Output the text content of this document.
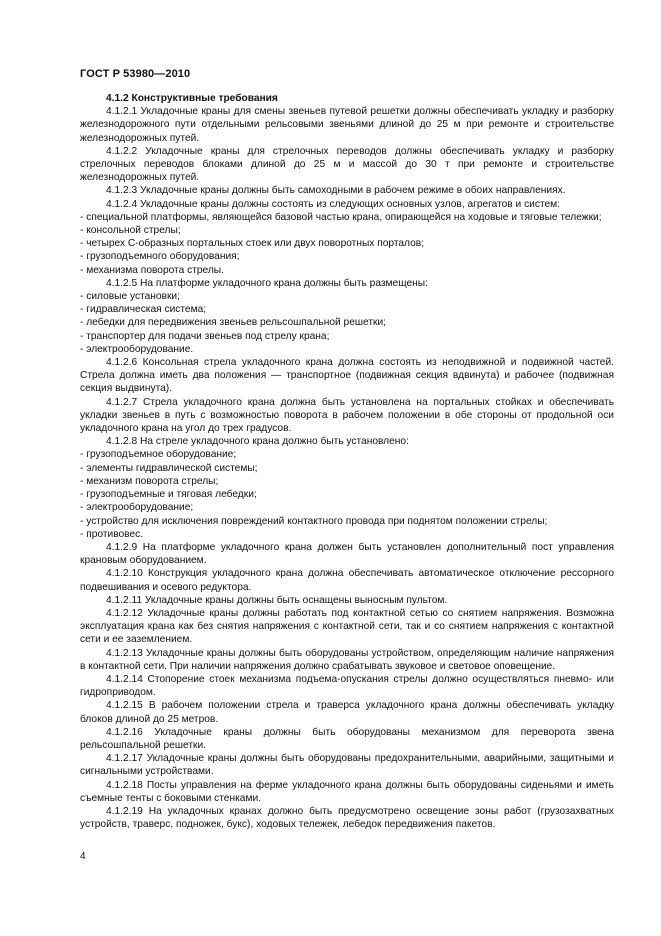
ГОСТ Р 53980—2010

4.1.2 Конструктивные требования

4.1.2.1 Укладочные краны для смены звеньев путевой решетки должны обеспечивать укладку и разборку железнодорожного пути отдельными рельсовыми звеньями длиной до 25 м при ремонте и строительстве железнодорожных путей.

4.1.2.2 Укладочные краны для стрелочных переводов должны обеспечивать укладку и разборку стрелочных переводов блоками длиной до 25 м и массой до 30 т при ремонте и строительстве железнодорожных путей.

4.1.2.3 Укладочные краны должны быть самоходными в рабочем режиме в обоих направлениях.

4.1.2.4 Укладочные краны должны состоять из следующих основных узлов, агрегатов и систем:

- специальной платформы, являющейся базовой частью крана, опирающейся на ходовые и тяговые тележки;

- консольной стрелы;

- четырех С-образных портальных стоек или двух поворотных порталов;

- грузоподъемного оборудования;

- механизма поворота стрелы.

4.1.2.5 На платформе укладочного крана должны быть размещены:

- силовые установки;

- гидравлическая система;

- лебедки для передвижения звеньев рельсошпальной решетки;

- транспортер для подачи звеньев под стрелу крана;

- электрооборудование.

4.1.2.6 Консольная стрела укладочного крана должна состоять из неподвижной и подвижной частей. Стрела должна иметь два положения — транспортное (подвижная секция вдвинута) и рабочее (подвижная секция выдвинута).

4.1.2.7 Стрела укладочного крана должна быть установлена на портальных стойках и обеспечивать укладки звеньев в путь с возможностью поворота в рабочем положении в обе стороны от продольной оси укладочного крана на угол до трех градусов.

4.1.2.8 На стреле укладочного крана должно быть установлено:

- грузоподъемное оборудование;

- элементы гидравлической системы;

- механизм поворота стрелы;

- грузоподъемные и тяговая лебедки;

- электрооборудование;

- устройство для исключения повреждений контактного провода при поднятом положении стрелы;

- противовес.

4.1.2.9 На платформе укладочного крана должен быть установлен дополнительный пост управления крановым оборудованием.

4.1.2.10 Конструкция укладочного крана должна обеспечивать автоматическое отключение рессорного подвешивания и осевого редуктора.

4.1.2.11 Укладочные краны должны быть оснащены выносным пультом.

4.1.2.12 Укладочные краны должны работать под контактной сетью со снятием напряжения. Возможна эксплуатация крана как без снятия напряжения с контактной сети, так и со снятием напряжения с контактной сети и ее заземлением.

4.1.2.13 Укладочные краны должны быть оборудованы устройством, определяющим наличие напряжения в контактной сети. При наличии напряжения должно срабатывать звуковое и световое оповещение.

4.1.2.14 Стопорение стоек механизма подъема-опускания стрелы должно осуществляться пневмо- или гидроприводом.

4.1.2.15 В рабочем положении стрела и траверса укладочного крана должны обеспечивать укладку блоков длиной до 25 метров.

4.1.2.16 Укладочные краны должны быть оборудованы механизмом для переворота звена рельсошпальной решетки.

4.1.2.17 Укладочные краны должны быть оборудованы предохранительными, аварийными, защитными и сигнальными устройствами.

4.1.2.18 Посты управления на ферме укладочного крана должны быть оборудованы сиденьями и иметь съемные тенты с боковыми стенками.

4.1.2.19 На укладочных кранах должно быть предусмотрено освещение зоны работ (грузозахватных устройств, траверс, подножек, букс), ходовых тележек, лебедок передвижения пакетов.

4
